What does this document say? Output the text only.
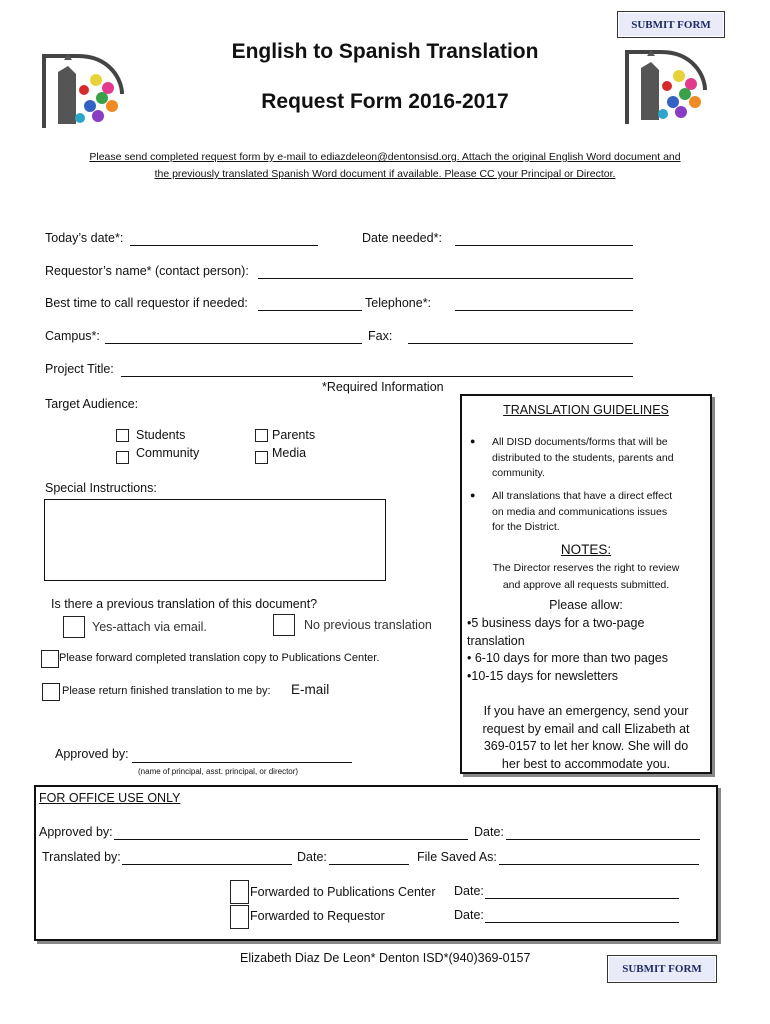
SUBMIT FORM
English to Spanish Translation
Request Form 2016-2017
Please send completed request form by e-mail to ediazdeleon@dentonsisd.org. Attach the original English Word document and
the previously translated Spanish Word document if available. Please CC your Principal or Director.
Today’s date*:	Date needed*:
Requestor’s name* (contact person):
Best time to call requestor if needed:	Telephone*:
Campus*:	Fax:
Project Title:
*Required Information
Target Audience:
Students
Community
Parents
Media
Special Instructions:
Is there a previous translation of this document?
Yes-attach via email.	No previous translation
Please forward completed translation copy to Publications Center.
Please return finished translation to me by: E-mail
Approved by:
(name of principal, asst. principal, or director)
TRANSLATION GUIDELINES
● All DISD documents/forms that will be
distributed to the students, parents and
community.
● All translations that have a direct effect
on media and communications issues
for the District.
NOTES:
The Director reserves the right to review
and approve all requests submitted.
Please allow:
•5 business days for a two-page
translation
• 6-10 days for more than two pages
•10-15 days for newsletters
If you have an emergency, send your
request by email and call Elizabeth at
369-0157 to let her know. She will do
her best to accommodate you.
FOR OFFICE USE ONLY
Approved by:	Date:
Translated by:	Date:	File Saved As:
Forwarded to Publications Center Date:
Forwarded to Requestor	Date:
Elizabeth Diaz De Leon* Denton ISD*(940)369-0157
SUBMIT FORM
